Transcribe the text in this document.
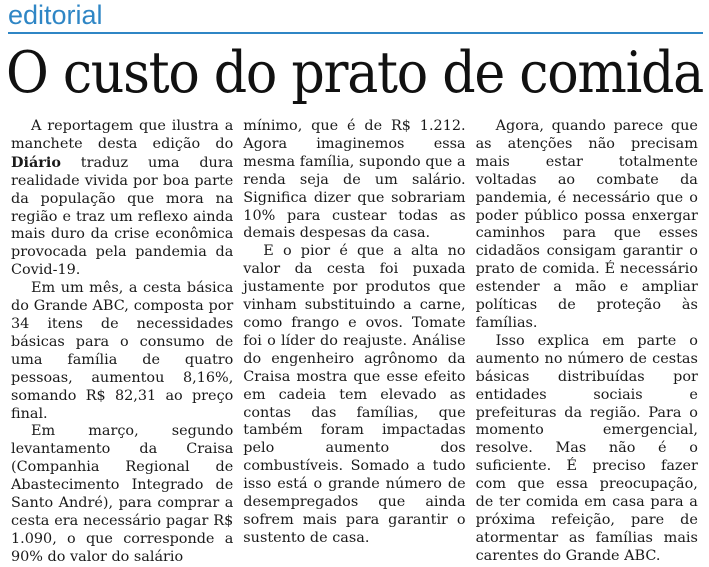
editorial
O custo do prato de comida

A reportagem que ilustra a manchete desta edição do Diário traduz uma dura realidade vivida por boa parte da população que mora na região e traz um reflexo ainda mais duro da crise econômica provocada pela pandemia da Covid-19.

Em um mês, a cesta básica do Grande ABC, composta por 34 itens de necessidades básicas para o consumo de uma família de quatro pessoas, aumentou 8,16%, somando R$ 82,31 ao preço final.

Em março, segundo levantamento da Craisa (Companhia Regional de Abastecimento Integrado de Santo André), para comprar a cesta era necessário pagar R$ 1.090, o que corresponde a 90% do valor do salário

mínimo, que é de R$ 1.212. Agora imaginemos essa mesma família, supondo que a renda seja de um salário. Significa dizer que sobrariam 10% para custear todas as demais despesas da casa.

E o pior é que a alta no valor da cesta foi puxada justamente por produtos que vinham substituindo a carne, como frango e ovos. Tomate foi o líder do reajuste. Análise do engenheiro agrônomo da Craisa mostra que esse efeito em cadeia tem elevado as contas das famílias, que também foram impactadas pelo aumento dos combustíveis. Somado a tudo isso está o grande número de desempregados que ainda sofrem mais para garantir o sustento de casa.

Agora, quando parece que as atenções não precisam mais estar totalmente voltadas ao combate da pandemia, é necessário que o poder público possa enxergar caminhos para que esses cidadãos consigam garantir o prato de comida. É necessário estender a mão e ampliar políticas de proteção às famílias.

Isso explica em parte o aumento no número de cestas básicas distribuídas por entidades sociais e prefeituras da região. Para o momento emergencial, resolve. Mas não é o suficiente. É preciso fazer com que essa preocupação, de ter comida em casa para a próxima refeição, pare de atormentar as famílias mais carentes do Grande ABC.
